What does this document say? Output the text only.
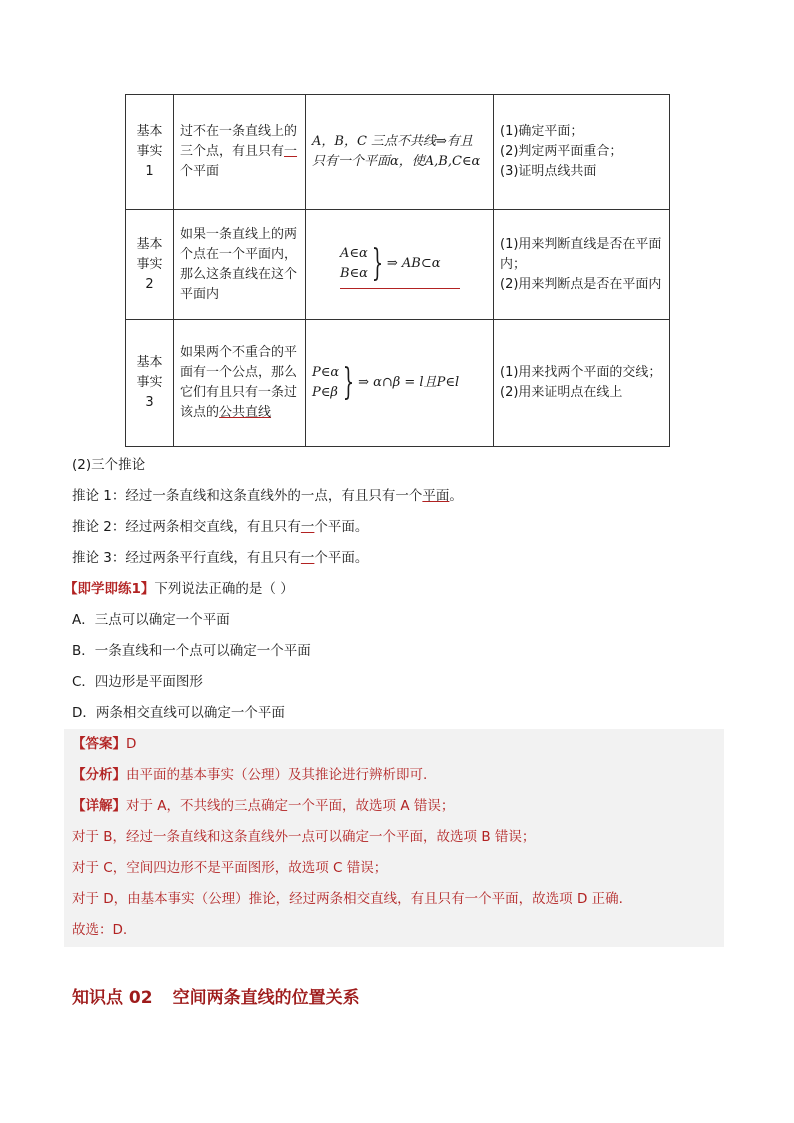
基本
事实
1	过不在一条直线上的三个点，有且只有一个平面	A，B，C 三点不共线⇒有且
只有一个平面α，使A,B,C∈α	(1)确定平面；
(2)判定两平面重合；
(3)证明点线共面

基本
事实
2	如果一条直线上的两个点在一个平面内，那么这条直线在这个平面内	A∈α
B∈α } ⇒ AB⊂α	(1)用来判断直线是否在平面内；
(2)用来判断点是否在平面内

基本
事实
3	如果两个不重合的平面有一个公点，那么它们有且只有一条过该点的公共直线	P∈α
P∈β } ⇒ α∩β = l且P∈l	(1)用来找两个平面的交线；
(2)用来证明点在线上
(2)三个推论
推论 1：经过一条直线和这条直线外的一点，有且只有一个平面。
推论 2：经过两条相交直线，有且只有一个平面。
推论 3：经过两条平行直线，有且只有一个平面。
【即学即练1】下列说法正确的是（ ）
A．三点可以确定一个平面
B．一条直线和一个点可以确定一个平面
C．四边形是平面图形
D．两条相交直线可以确定一个平面
【答案】D
【分析】由平面的基本事实（公理）及其推论进行辨析即可.
【详解】对于 A，不共线的三点确定一个平面，故选项 A 错误；
对于 B，经过一条直线和这条直线外一点可以确定一个平面，故选项 B 错误；
对于 C，空间四边形不是平面图形，故选项 C 错误；
对于 D，由基本事实（公理）推论，经过两条相交直线，有且只有一个平面，故选项 D 正确.
故选：D.
知识点 02 空间两条直线的位置关系
